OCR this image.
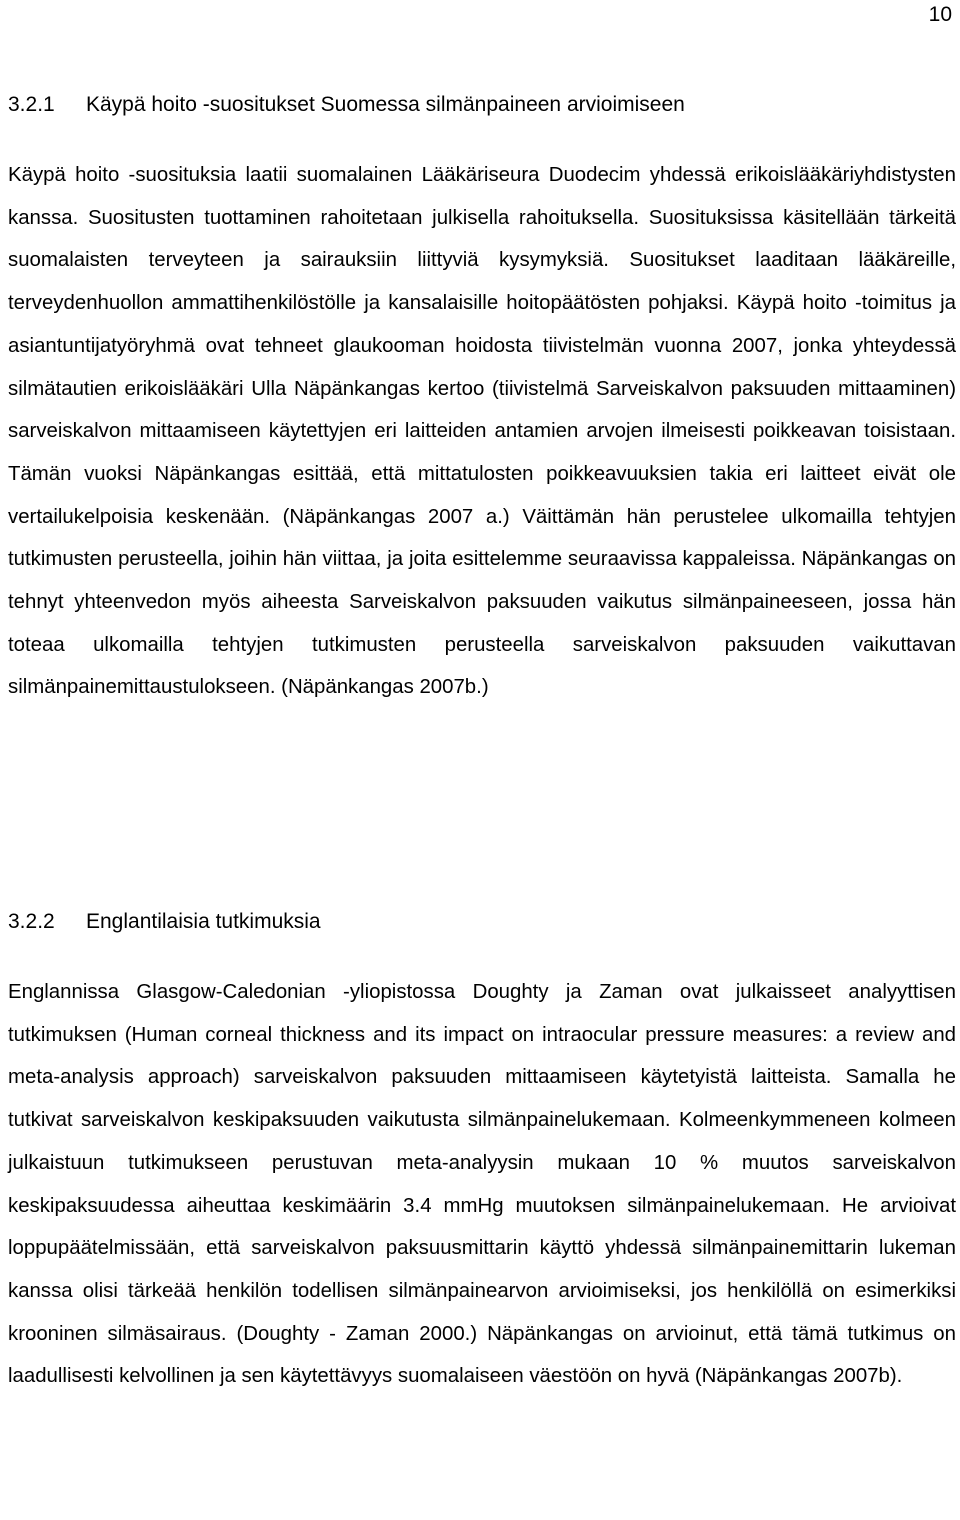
10
3.2.1 Käypä hoito -suositukset Suomessa silmänpaineen arvioimiseen

Käypä hoito -suosituksia laatii suomalainen Lääkäriseura Duodecim yhdessä erikoislääkäriyhdistysten kanssa. Suositusten tuottaminen rahoitetaan julkisella rahoituksella. Suosituksissa käsitellään tärkeitä suomalaisten terveyteen ja sairauksiin liittyviä kysymyksiä. Suositukset laaditaan lääkäreille, terveydenhuollon ammattihenkilöstölle ja kansalaisille hoitopäätösten pohjaksi. Käypä hoito -toimitus ja asiantuntijatyöryhmä ovat tehneet glaukooman hoidosta tiivistelmän vuonna 2007, jonka yhteydessä silmätautien erikoislääkäri Ulla Näpänkangas kertoo (tiivistelmä Sarveiskalvon paksuuden mittaaminen) sarveiskalvon mittaamiseen käytettyjen eri laitteiden antamien arvojen ilmeisesti poikkeavan toisistaan. Tämän vuoksi Näpänkangas esittää, että mittatulosten poikkeavuuksien takia eri laitteet eivät ole vertailukelpoisia keskenään. (Näpänkangas 2007 a.) Väittämän hän perustelee ulkomailla tehtyjen tutkimusten perusteella, joihin hän viittaa, ja joita esittelemme seuraavissa kappaleissa. Näpänkangas on tehnyt yhteenvedon myös aiheesta Sarveiskalvon paksuuden vaikutus silmänpaineeseen, jossa hän toteaa ulkomailla tehtyjen tutkimusten perusteella sarveiskalvon paksuuden vaikuttavan silmänpainemittaustulokseen. (Näpänkangas 2007b.)

3.2.2 Englantilaisia tutkimuksia

Englannissa Glasgow-Caledonian -yliopistossa Doughty ja Zaman ovat julkaisseet analyyttisen tutkimuksen (Human corneal thickness and its impact on intraocular pressure measures: a review and meta-analysis approach) sarveiskalvon paksuuden mittaamiseen käytetyistä laitteista. Samalla he tutkivat sarveiskalvon keskipaksuuden vaikutusta silmänpainelukemaan. Kolmeenkymmeneen kolmeen julkaistuun tutkimukseen perustuvan meta-analyysin mukaan 10 % muutos sarveiskalvon keskipaksuudessa aiheuttaa keskimäärin 3.4 mmHg muutoksen silmänpainelukemaan. He arvioivat loppupäätelmissään, että sarveiskalvon paksuusmittarin käyttö yhdessä silmänpainemittarin lukeman kanssa olisi tärkeää henkilön todellisen silmänpainearvon arvioimiseksi, jos henkilöllä on esimerkiksi krooninen silmäsairaus. (Doughty - Zaman 2000.) Näpänkangas on arvioinut, että tämä tutkimus on laadullisesti kelvollinen ja sen käytettävyys suomalaiseen väestöön on hyvä (Näpänkangas 2007b).
